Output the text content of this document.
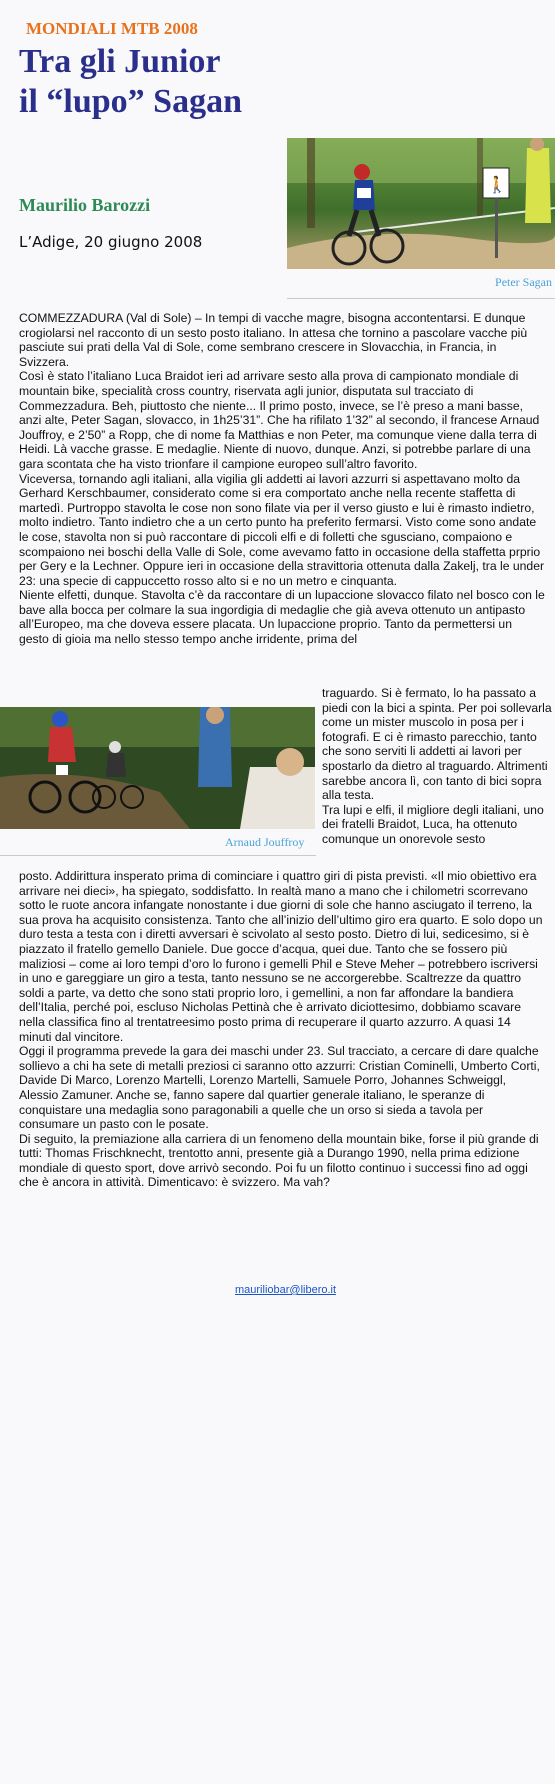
MONDIALI MTB 2008
Tra gli Junior
il “lupo” Sagan
Maurilio Barozzi
L’Adige, 20 giugno 2008
🚶
Peter Sagan

COMMEZZADURA (Val di Sole) – In tempi di vacche magre, bisogna accontentarsi. E dunque crogiolarsi nel racconto di un sesto posto italiano. In attesa che tornino a pascolare vacche più pasciute sui prati della Val di Sole, come sembrano crescere in Slovacchia, in Francia, in Svizzera.

Così è stato l’italiano Luca Braidot ieri ad arrivare sesto alla prova di campionato mondiale di mountain bike, specialità cross country, riservata agli junior, disputata sul tracciato di Commezzadura. Beh, piuttosto che niente... Il primo posto, invece, se l’è preso a mani basse, anzi alte, Peter Sagan, slovacco, in 1h25’31”. Che ha rifilato 1’32” al secondo, il francese Arnaud Jouffroy, e 2’50” a Ropp, che di nome fa Matthias e non Peter, ma comunque viene dalla terra di Heidi. Là vacche grasse. E medaglie. Niente di nuovo, dunque. Anzi, si potrebbe parlare di una gara scontata che ha visto trionfare il campione europeo sull’altro favorito.

Viceversa, tornando agli italiani, alla vigilia gli addetti ai lavori azzurri si aspettavano molto da Gerhard Kerschbaumer, considerato come si era comportato anche nella recente staffetta di martedì. Purtroppo stavolta le cose non sono filate via per il verso giusto e lui è rimasto indietro, molto indietro. Tanto indietro che a un certo punto ha preferito fermarsi. Visto come sono andate le cose, stavolta non si può raccontare di piccoli elfi e di folletti che sgusciano, compaiono e scompaiono nei boschi della Valle di Sole, come avevamo fatto in occasione della staffetta prprio per Gery e la Lechner. Oppure ieri in occasione della stravittoria ottenuta dalla Zakelj, tra le under 23: una specie di cappuccetto rosso alto si e no un metro e cinquanta.

Niente elfetti, dunque. Stavolta c’è da raccontare di un lupaccione slovacco filato nel bosco con le bave alla bocca per colmare la sua ingordigia di medaglie che già aveva ottenuto un antipasto all’Europeo, ma che doveva essere placata. Un lupaccione proprio. Tanto da permettersi un gesto di gioia ma nello stesso tempo anche irridente, prima del

Arnaud Jouffroy

traguardo. Si è fermato, lo ha passato a piedi con la bici a spinta. Per poi sollevarla come un mister muscolo in posa per i fotografi. E ci è rimasto parecchio, tanto che sono serviti li addetti ai lavori per spostarlo da dietro al traguardo. Altrimenti sarebbe ancora lì, con tanto di bici sopra alla testa.

Tra lupi e elfi, il migliore degli italiani, uno dei fratelli Braidot, Luca, ha ottenuto comunque un onorevole sesto

posto. Addirittura insperato prima di cominciare i quattro giri di pista previsti. «Il mio obiettivo era arrivare nei dieci», ha spiegato, soddisfatto. In realtà mano a mano che i chilometri scorrevano sotto le ruote ancora infangate nonostante i due giorni di sole che hanno asciugato il terreno, la sua prova ha acquisito consistenza. Tanto che all’inizio dell’ultimo giro era quarto. E solo dopo un duro testa a testa con i diretti avversari è scivolato al sesto posto. Dietro di lui, sedicesimo, si è piazzato il fratello gemello Daniele. Due gocce d’acqua, quei due. Tanto che se fossero più maliziosi – come ai loro tempi d’oro lo furono i gemelli Phil e Steve Meher – potrebbero iscriversi in uno e gareggiare un giro a testa, tanto nessuno se ne accorgerebbe. Scaltrezze da quattro soldi a parte, va detto che sono stati proprio loro, i gemellini, a non far affondare la bandiera dell’Italia, perché poi, escluso Nicholas Pettinà che è arrivato diciottesimo, dobbiamo scavare nella classifica fino al trentatreesimo posto prima di recuperare il quarto azzurro. A quasi 14 minuti dal vincitore.

Oggi il programma prevede la gara dei maschi under 23. Sul tracciato, a cercare di dare qualche sollievo a chi ha sete di metalli preziosi ci saranno otto azzurri: Cristian Cominelli, Umberto Corti, Davide Di Marco, Lorenzo Martelli, Lorenzo Martelli, Samuele Porro, Johannes Schweiggl, Alessio Zamuner. Anche se, fanno sapere dal quartier generale italiano, le speranze di conquistare una medaglia sono paragonabili a quelle che un orso si sieda a tavola per consumare un pasto con le posate.

Di seguito, la premiazione alla carriera di un fenomeno della mountain bike, forse il più grande di tutti: Thomas Frischknecht, trentotto anni, presente già a Durango 1990, nella prima edizione mondiale di questo sport, dove arrivò secondo. Poi fu un filotto continuo i successi fino ad oggi che è ancora in attività. Dimenticavo: è svizzero. Ma vah?

mauriliobar@libero.it
